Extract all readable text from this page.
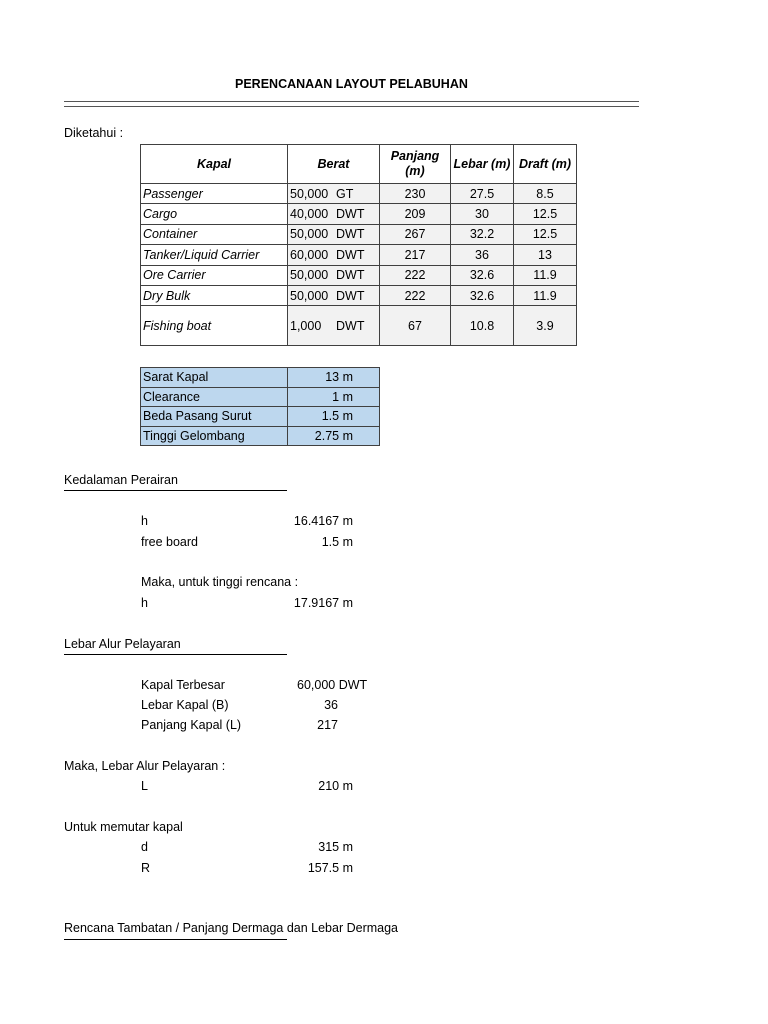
PERENCANAAN LAYOUT PELABUHAN
Diketahui :
Kapal	Berat	Panjang (m)	Lebar (m)	Draft (m)
Passenger	50,000 GT	230	27.5	8.5
Cargo	40,000 DWT	209	30	12.5
Container	50,000 DWT	267	32.2	12.5
Tanker/Liquid Carrier	60,000 DWT	217	36	13
Ore Carrier	50,000 DWT	222	32.6	11.9
Dry Bulk	50,000 DWT	222	32.6	11.9
Fishing boat	1,000 DWT	67	10.8	3.9
Sarat Kapal	13 m
Clearance	1 m
Beda Pasang Surut	1.5 m
Tinggi Gelombang	2.75 m
Kedalaman Perairan
h	16.4167 m
free board	1.5 m
Maka, untuk tinggi rencana :
h	17.9167 m
Lebar Alur Pelayaran
Kapal Terbesar	60,000 DWT
Lebar Kapal (B)	36
Panjang Kapal (L)	217
Maka, Lebar Alur Pelayaran :
L	210 m
Untuk memutar kapal
d	315 m
R	157.5 m
Rencana Tambatan / Panjang Dermaga dan Lebar Dermaga
